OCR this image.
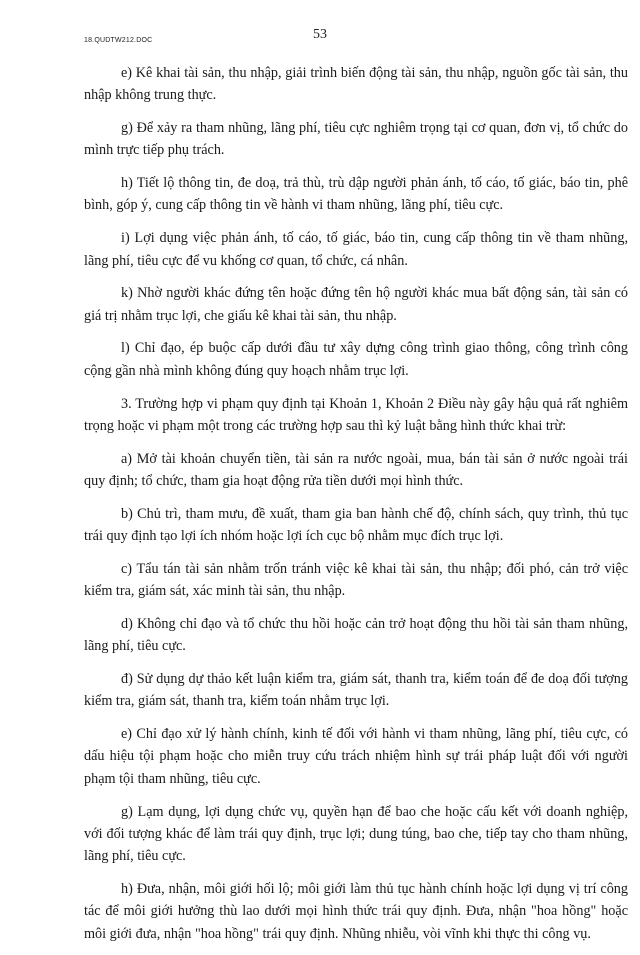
18.QUDTW212.DOC	53

e) Kê khai tài sản, thu nhập, giải trình biến động tài sản, thu nhập, nguồn gốc tài sản, thu nhập không trung thực.

g) Để xảy ra tham nhũng, lãng phí, tiêu cực nghiêm trọng tại cơ quan, đơn vị, tổ chức do mình trực tiếp phụ trách.

h) Tiết lộ thông tin, đe doạ, trả thù, trù dập người phản ánh, tố cáo, tố giác, báo tin, phê bình, góp ý, cung cấp thông tin về hành vi tham nhũng, lãng phí, tiêu cực.

i) Lợi dụng việc phản ánh, tố cáo, tố giác, báo tin, cung cấp thông tin về tham nhũng, lãng phí, tiêu cực để vu khống cơ quan, tổ chức, cá nhân.

k) Nhờ người khác đứng tên hoặc đứng tên hộ người khác mua bất động sản, tài sản có giá trị nhằm trục lợi, che giấu kê khai tài sản, thu nhập.

l) Chỉ đạo, ép buộc cấp dưới đầu tư xây dựng công trình giao thông, công trình công cộng gần nhà mình không đúng quy hoạch nhằm trục lợi.

3. Trường hợp vi phạm quy định tại Khoản 1, Khoản 2 Điều này gây hậu quả rất nghiêm trọng hoặc vi phạm một trong các trường hợp sau thì kỷ luật bằng hình thức khai trừ:

a) Mở tài khoản chuyển tiền, tài sản ra nước ngoài, mua, bán tài sản ở nước ngoài trái quy định; tổ chức, tham gia hoạt động rửa tiền dưới mọi hình thức.

b) Chủ trì, tham mưu, đề xuất, tham gia ban hành chế độ, chính sách, quy trình, thủ tục trái quy định tạo lợi ích nhóm hoặc lợi ích cục bộ nhằm mục đích trục lợi.

c) Tẩu tán tài sản nhằm trốn tránh việc kê khai tài sản, thu nhập; đối phó, cản trở việc kiểm tra, giám sát, xác minh tài sản, thu nhập.

d) Không chỉ đạo và tổ chức thu hồi hoặc cản trở hoạt động thu hồi tài sản tham nhũng, lãng phí, tiêu cực.

đ) Sử dụng dự thảo kết luận kiểm tra, giám sát, thanh tra, kiểm toán để đe doạ đối tượng kiểm tra, giám sát, thanh tra, kiểm toán nhằm trục lợi.

e) Chỉ đạo xử lý hành chính, kinh tế đối với hành vi tham nhũng, lãng phí, tiêu cực, có dấu hiệu tội phạm hoặc cho miễn truy cứu trách nhiệm hình sự trái pháp luật đối với người phạm tội tham nhũng, tiêu cực.

g) Lạm dụng, lợi dụng chức vụ, quyền hạn để bao che hoặc cấu kết với doanh nghiệp, với đối tượng khác để làm trái quy định, trục lợi; dung túng, bao che, tiếp tay cho tham nhũng, lãng phí, tiêu cực.

h) Đưa, nhận, môi giới hối lộ; môi giới làm thủ tục hành chính hoặc lợi dụng vị trí công tác để môi giới hưởng thù lao dưới mọi hình thức trái quy định. Đưa, nhận "hoa hồng" hoặc môi giới đưa, nhận "hoa hồng" trái quy định. Nhũng nhiễu, vòi vĩnh khi thực thi công vụ.
